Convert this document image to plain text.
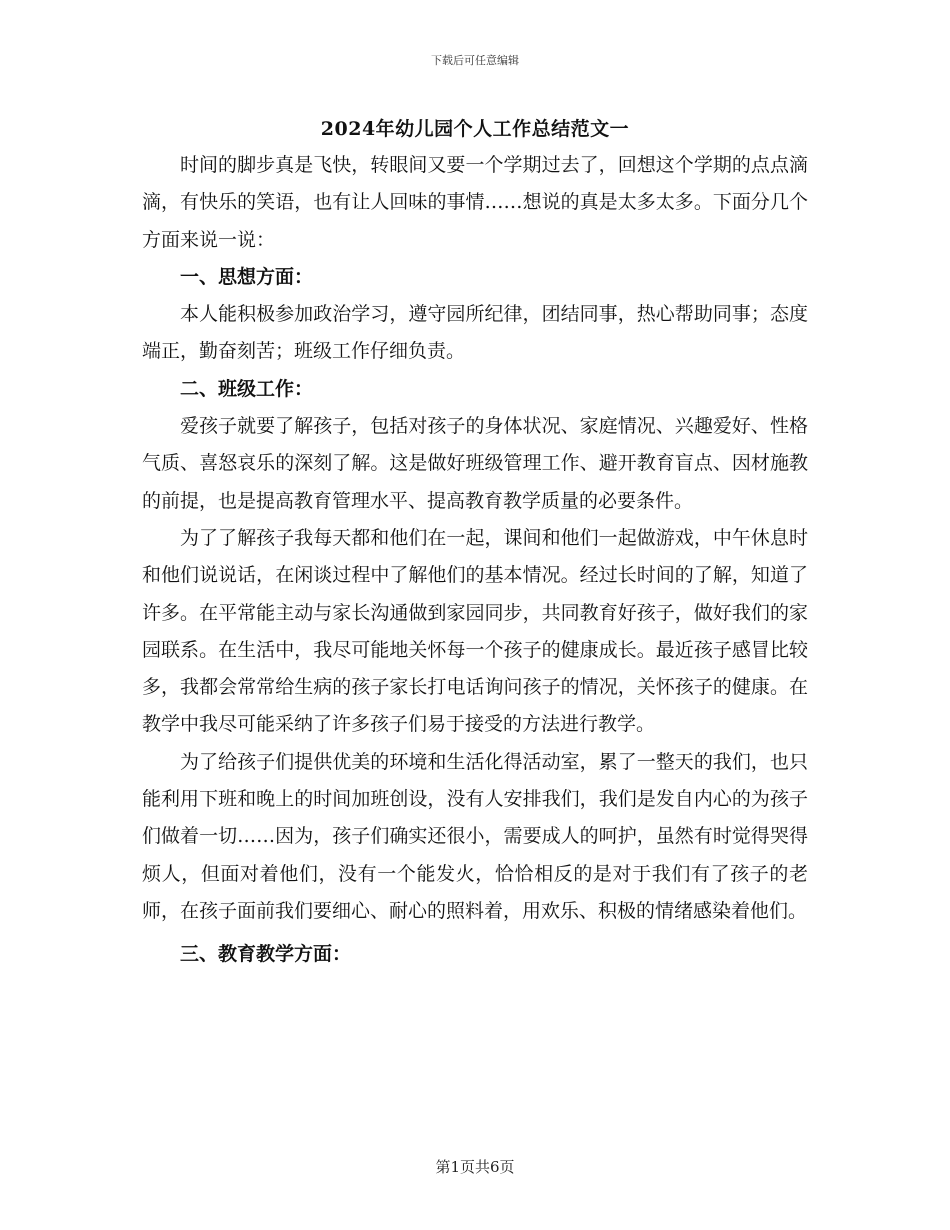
下载后可任意编辑
2024年幼儿园个人工作总结范文一

时间的脚步真是飞快，转眼间又要一个学期过去了，回想这个学期的点点滴滴，有快乐的笑语，也有让人回味的事情……想说的真是太多太多。下面分几个方面来说一说：

一、思想方面：

本人能积极参加政治学习，遵守园所纪律，团结同事，热心帮助同事；态度端正，勤奋刻苦；班级工作仔细负责。

二、班级工作：

爱孩子就要了解孩子，包括对孩子的身体状况、家庭情况、兴趣爱好、性格气质、喜怒哀乐的深刻了解。这是做好班级管理工作、避开教育盲点、因材施教的前提，也是提高教育管理水平、提高教育教学质量的必要条件。

为了了解孩子我每天都和他们在一起，课间和他们一起做游戏，中午休息时和他们说说话，在闲谈过程中了解他们的基本情况。经过长时间的了解，知道了许多。在平常能主动与家长沟通做到家园同步，共同教育好孩子，做好我们的家园联系。在生活中，我尽可能地关怀每一个孩子的健康成长。最近孩子感冒比较多，我都会常常给生病的孩子家长打电话询问孩子的情况，关怀孩子的健康。在教学中我尽可能采纳了许多孩子们易于接受的方法进行教学。

为了给孩子们提供优美的环境和生活化得活动室，累了一整天的我们，也只能利用下班和晚上的时间加班创设，没有人安排我们，我们是发自内心的为孩子们做着一切……因为，孩子们确实还很小，需要成人的呵护，虽然有时觉得哭得烦人，但面对着他们，没有一个能发火，恰恰相反的是对于我们有了孩子的老师，在孩子面前我们要细心、耐心的照料着，用欢乐、积极的情绪感染着他们。

三、教育教学方面：
第1页共6页
